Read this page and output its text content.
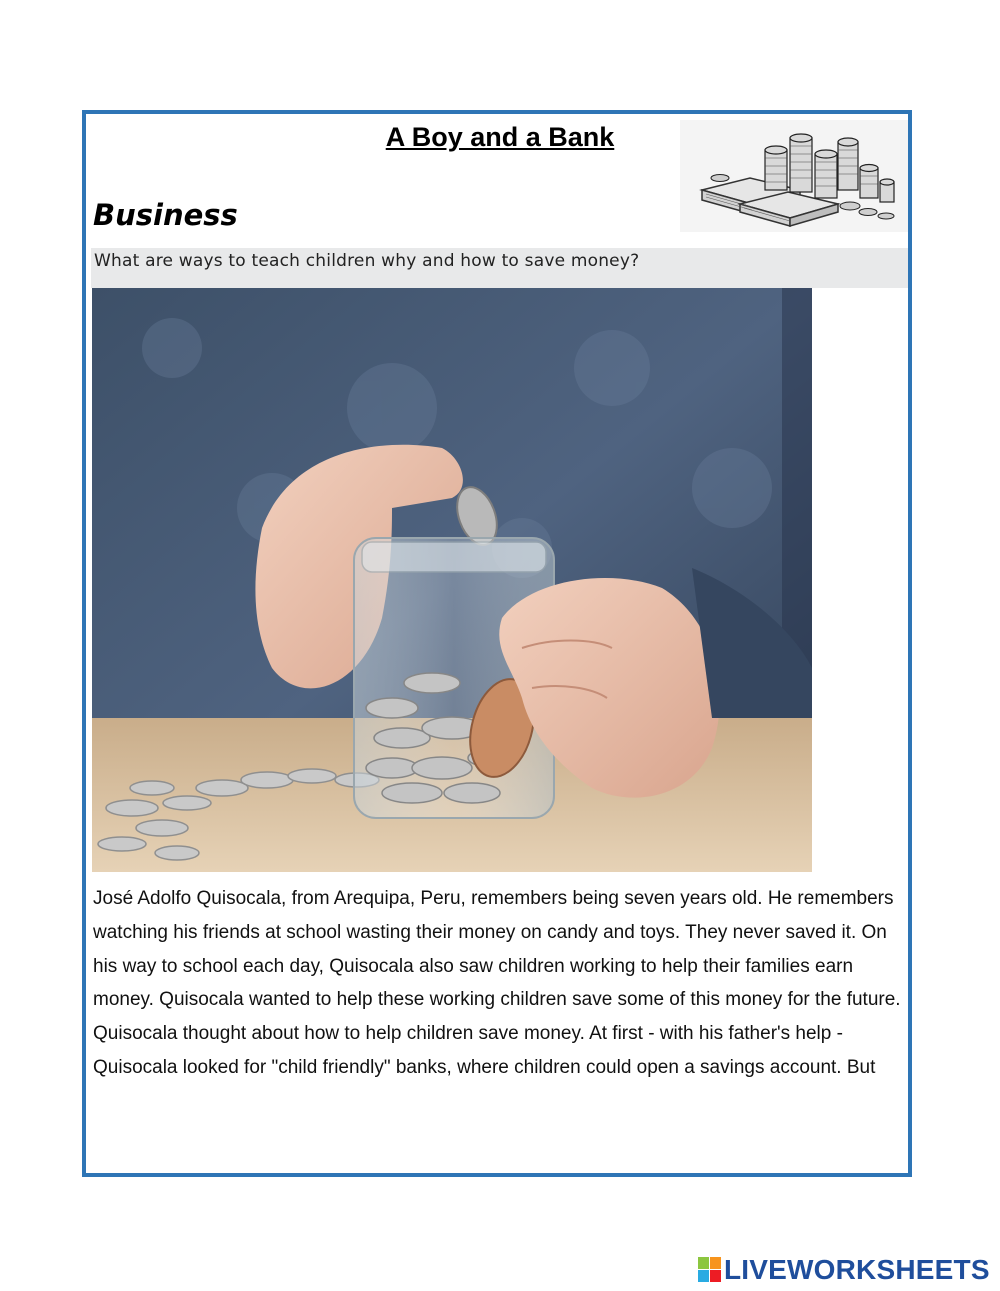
A Boy and a Bank
Business
What are ways to teach children why and how to save money?

José Adolfo Quisocala, from Arequipa, Peru, remembers being seven years old. He remembers watching his friends at school wasting their money on candy and toys. They never saved it. On his way to school each day, Quisocala also saw children working to help their families earn money. Quisocala wanted to help these working children save some of this money for the future.

Quisocala thought about how to help children save money. At first - with his father's help - Quisocala looked for "child friendly" banks, where children could open a savings account. But

LIVEWORKSHEETS
